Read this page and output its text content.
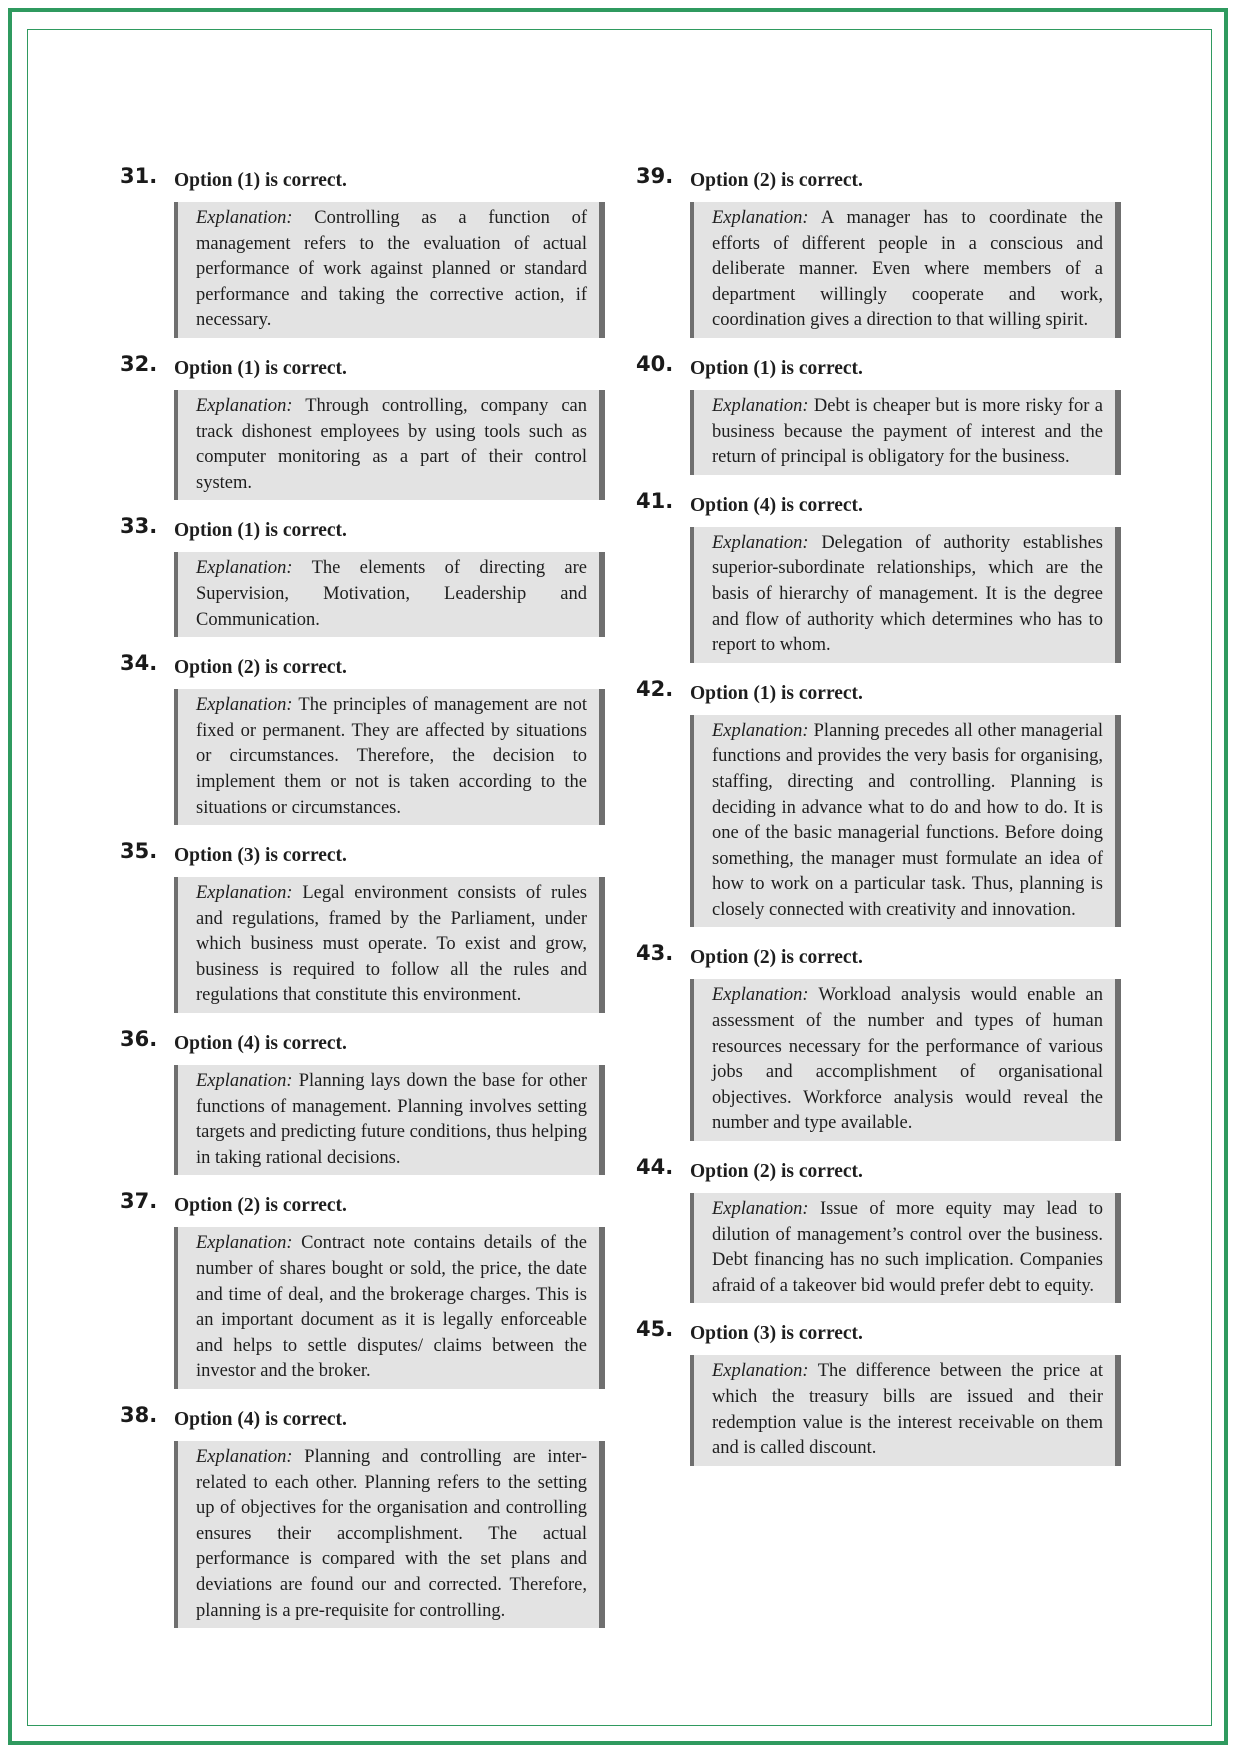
31. Option (1) is correct.
Explanation: Controlling as a function of management refers to the evaluation of actual performance of work against planned or standard performance and taking the corrective action, if necessary.
32. Option (1) is correct.
Explanation: Through controlling, company can track dishonest employees by using tools such as computer monitoring as a part of their control system.
33. Option (1) is correct.
Explanation: The elements of directing are Supervision, Motivation, Leadership and Communication.
34. Option (2) is correct.
Explanation: The principles of management are not fixed or permanent. They are affected by situations or circumstances. Therefore, the decision to implement them or not is taken according to the situations or circumstances.
35. Option (3) is correct.
Explanation: Legal environment consists of rules and regulations, framed by the Parliament, under which business must operate. To exist and grow, business is required to follow all the rules and regulations that constitute this environment.
36. Option (4) is correct.
Explanation: Planning lays down the base for other functions of management. Planning involves setting targets and predicting future conditions, thus helping in taking rational decisions.
37. Option (2) is correct.
Explanation: Contract note contains details of the number of shares bought or sold, the price, the date and time of deal, and the brokerage charges. This is an important document as it is legally enforceable and helps to settle disputes/ claims between the investor and the broker.
38. Option (4) is correct.
Explanation: Planning and controlling are inter-related to each other. Planning refers to the setting up of objectives for the organisation and controlling ensures their accomplishment. The actual performance is compared with the set plans and deviations are found our and corrected. Therefore, planning is a pre-requisite for controlling.
39. Option (2) is correct.
Explanation: A manager has to coordinate the efforts of different people in a conscious and deliberate manner. Even where members of a department willingly cooperate and work, coordination gives a direction to that willing spirit.
40. Option (1) is correct.
Explanation: Debt is cheaper but is more risky for a business because the payment of interest and the return of principal is obligatory for the business.
41. Option (4) is correct.
Explanation: Delegation of authority establishes superior-subordinate relationships, which are the basis of hierarchy of management. It is the degree and flow of authority which determines who has to report to whom.
42. Option (1) is correct.
Explanation: Planning precedes all other managerial functions and provides the very basis for organising, staffing, directing and controlling. Planning is deciding in advance what to do and how to do. It is one of the basic managerial functions. Before doing something, the manager must formulate an idea of how to work on a particular task. Thus, planning is closely connected with creativity and innovation.
43. Option (2) is correct.
Explanation: Workload analysis would enable an assessment of the number and types of human resources necessary for the performance of various jobs and accomplishment of organisational objectives. Workforce analysis would reveal the number and type available.
44. Option (2) is correct.
Explanation: Issue of more equity may lead to dilution of management’s control over the business. Debt financing has no such implication. Companies afraid of a takeover bid would prefer debt to equity.
45. Option (3) is correct.
Explanation: The difference between the price at which the treasury bills are issued and their redemption value is the interest receivable on them and is called discount.
